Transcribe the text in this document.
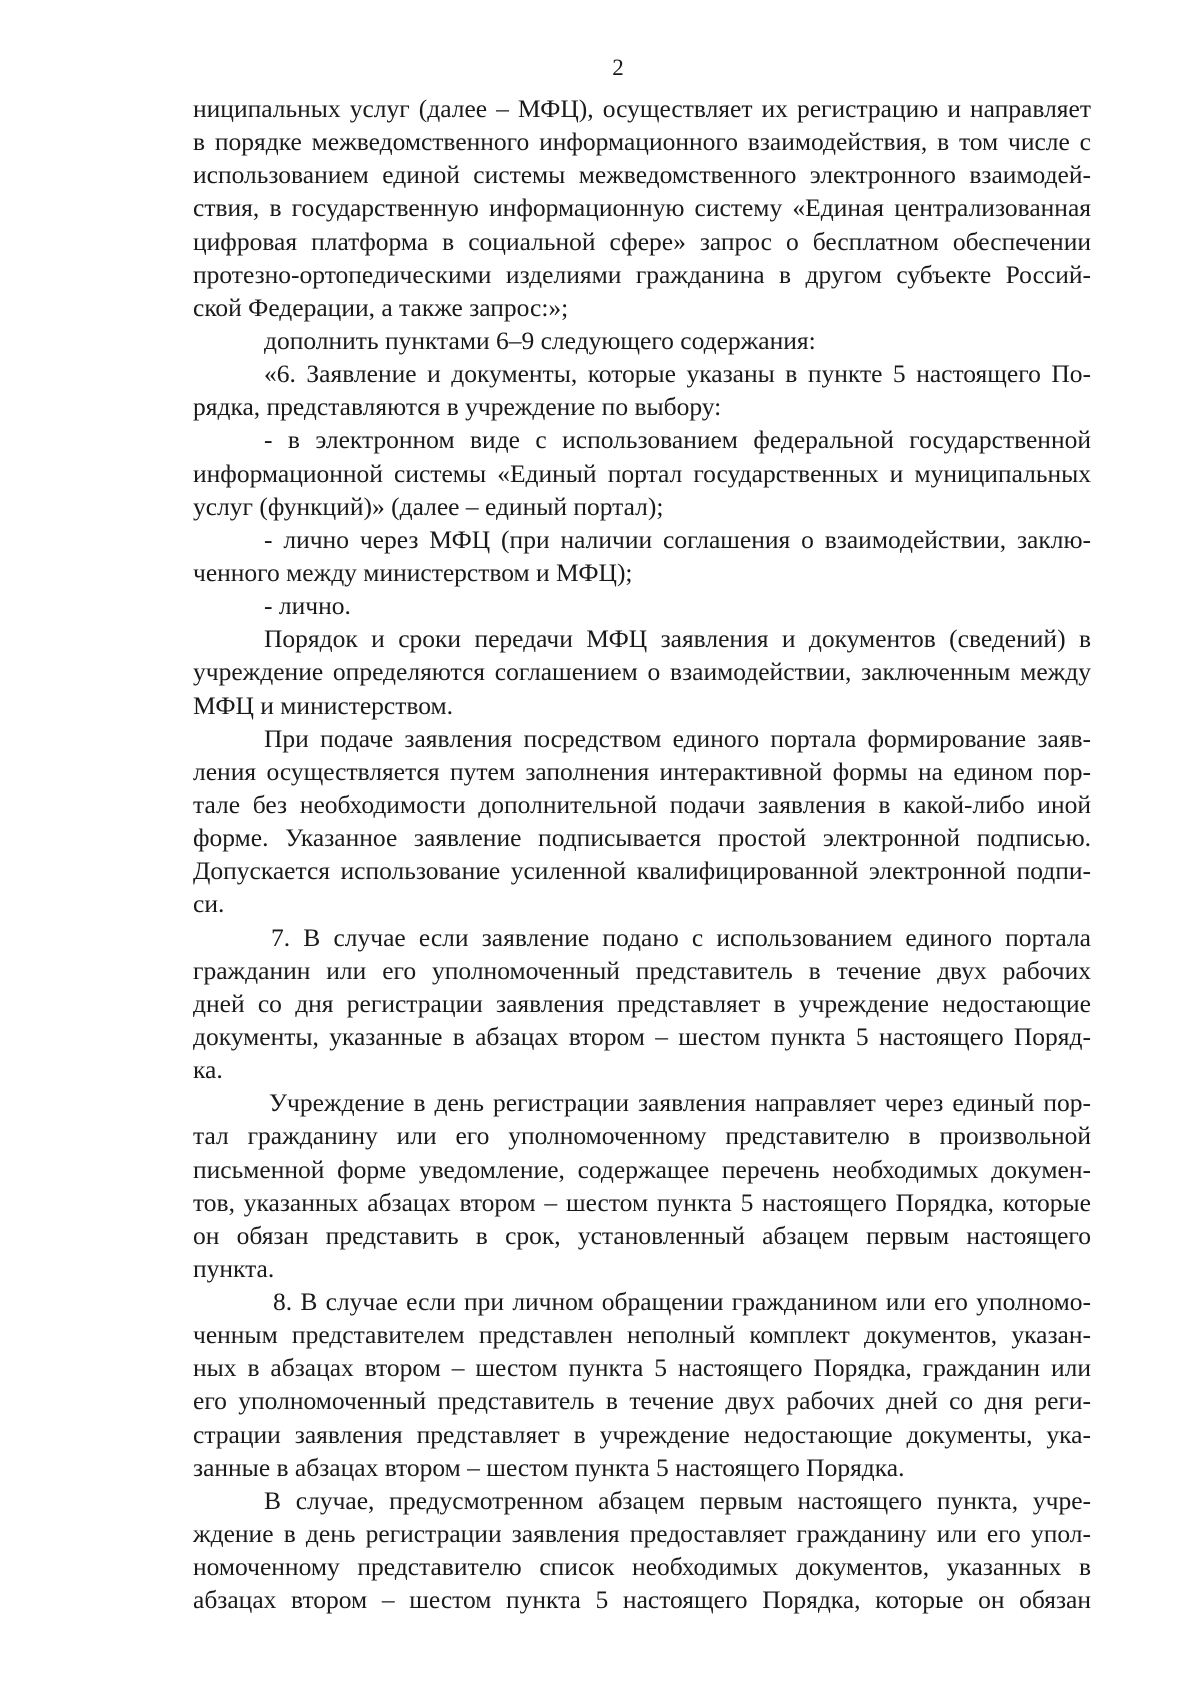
2
ниципальных услуг (далее – МФЦ), осуществляет их регистрацию и направляет
в порядке межведомственного информационного взаимодействия, в том числе с
использованием единой системы межведомственного электронного взаимодей-
ствия, в государственную информационную систему «Единая централизованная
цифровая платформа в социальной сфере» запрос о бесплатном обеспечении
протезно-ортопедическими изделиями гражданина в другом субъекте Россий-
ской Федерации, а также запрос:»;
дополнить пунктами 6–9 следующего содержания:
«6. Заявление и документы, которые указаны в пункте 5 настоящего По-
рядка, представляются в учреждение по выбору:
- в электронном виде с использованием федеральной государственной
информационной системы «Единый портал государственных и муниципальных
услуг (функций)» (далее – единый портал);
- лично через МФЦ (при наличии соглашения о взаимодействии, заклю-
ченного между министерством и МФЦ);
- лично.
Порядок и сроки передачи МФЦ заявления и документов (сведений) в
учреждение определяются соглашением о взаимодействии, заключенным между
МФЦ и министерством.
При подаче заявления посредством единого портала формирование заяв-
ления осуществляется путем заполнения интерактивной формы на едином пор-
тале без необходимости дополнительной подачи заявления в какой-либо иной
форме. Указанное заявление подписывается простой электронной подписью.
Допускается использование усиленной квалифицированной электронной подпи-
си.
7. В случае если заявление подано с использованием единого портала
гражданин или его уполномоченный представитель в течение двух рабочих
дней со дня регистрации заявления представляет в учреждение недостающие
документы, указанные в абзацах втором – шестом пункта 5 настоящего Поряд-
ка.
Учреждение в день регистрации заявления направляет через единый пор-
тал гражданину или его уполномоченному представителю в произвольной
письменной форме уведомление, содержащее перечень необходимых докумен-
тов, указанных абзацах втором – шестом пункта 5 настоящего Порядка, которые
он обязан представить в срок, установленный абзацем первым настоящего
пункта.
8. В случае если при личном обращении гражданином или его уполномо-
ченным представителем представлен неполный комплект документов, указан-
ных в абзацах втором – шестом пункта 5 настоящего Порядка, гражданин или
его уполномоченный представитель в течение двух рабочих дней со дня реги-
страции заявления представляет в учреждение недостающие документы, ука-
занные в абзацах втором – шестом пункта 5 настоящего Порядка.
В случае, предусмотренном абзацем первым настоящего пункта, учре-
ждение в день регистрации заявления предоставляет гражданину или его упол-
номоченному представителю список необходимых документов, указанных в
абзацах втором – шестом пункта 5 настоящего Порядка, которые он обязан
